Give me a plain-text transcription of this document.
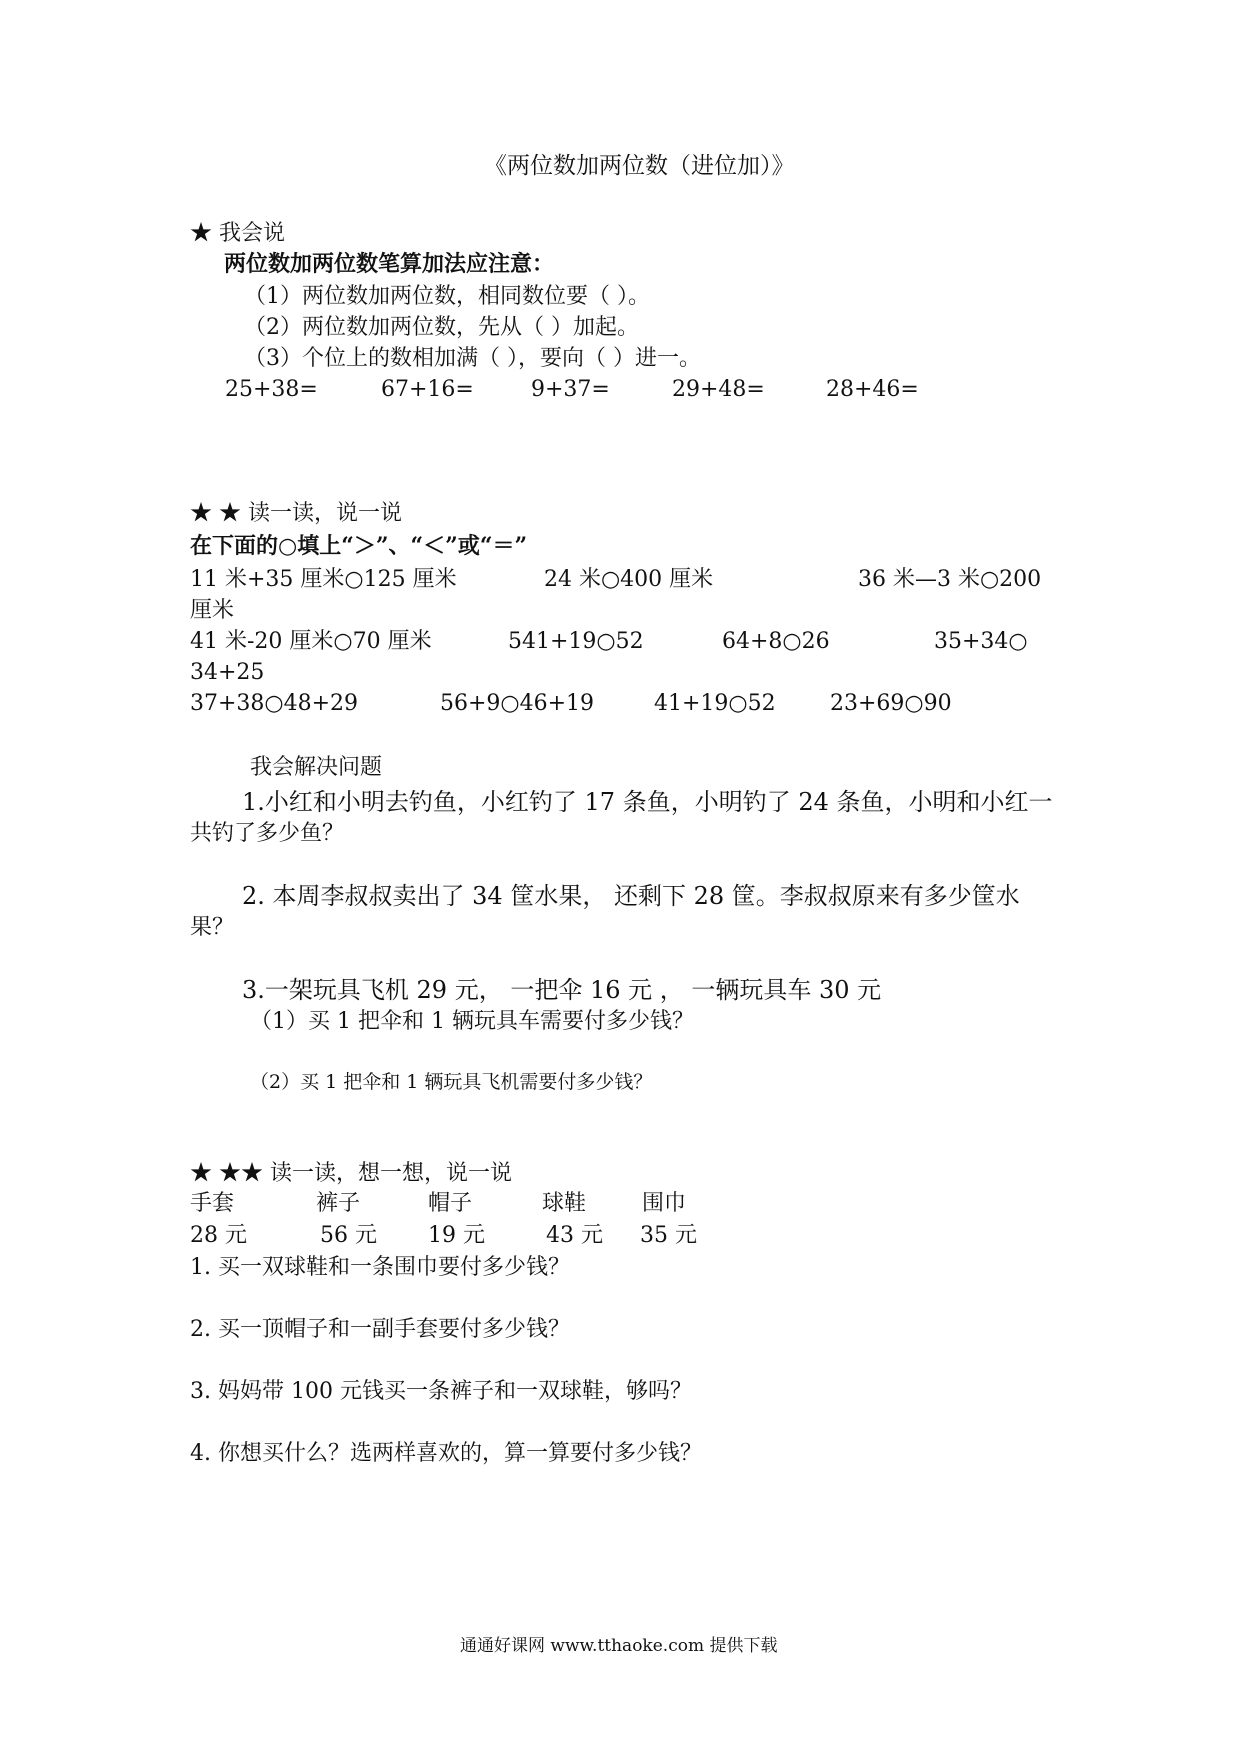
《两位数加两位数（进位加）》
★ 我会说
两位数加两位数笔算加法应注意：
（1）两位数加两位数，相同数位要（ ）。
（2）两位数加两位数，先从（ ）加起。
（3）个位上的数相加满（ ），要向（ ）进一。
25+38=	67+16=	9+37=	29+48=	28+46=
★ ★ 读一读，说一说
在下面的○填上“＞”、“＜”或“＝”
11 米+35 厘米○125 厘米	24 米○400 厘米	36 米—3 米○200
厘米
41 米-20 厘米○70 厘米	541+19○52	64+8○26	35+34○
34+25
37+38○48+29	56+9○46+19	41+19○52 23+69○90
我会解决问题
1.小红和小明去钓鱼，小红钓了 17 条鱼，小明钓了 24 条鱼，小明和小红一
共钓了多少鱼？
2. 本周李叔叔卖出了 34 筐水果， 还剩下 28 筐。李叔叔原来有多少筐水
果？
3.一架玩具飞机 29 元， 一把伞 16 元 ， 一辆玩具车 30 元
（1）买 1 把伞和 1 辆玩具车需要付多少钱？
（2）买 1 把伞和 1 辆玩具飞机需要付多少钱？
★ ★★ 读一读，想一想，说一说
手套	裤子	帽子	球鞋	围巾
28 元	56 元 19 元	43 元 35 元
1. 买一双球鞋和一条围巾要付多少钱？
2. 买一顶帽子和一副手套要付多少钱？
3. 妈妈带 100 元钱买一条裤子和一双球鞋，够吗？
4. 你想买什么？选两样喜欢的，算一算要付多少钱？
通通好课网 www.tthaoke.com 提供下载
